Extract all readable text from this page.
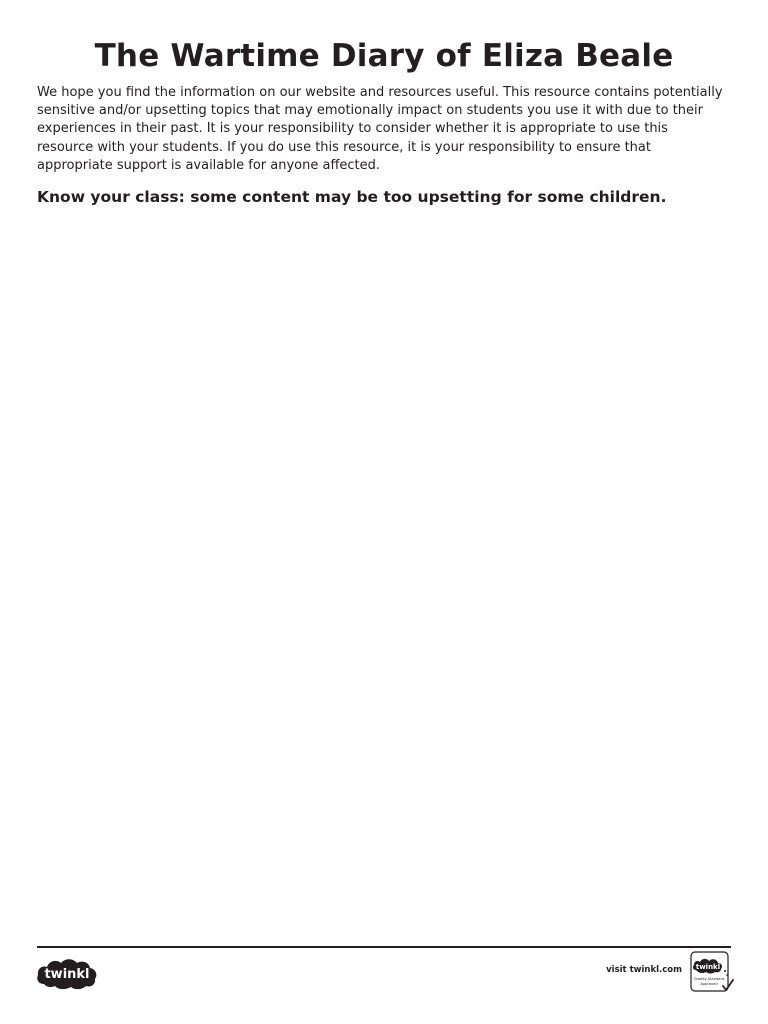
The Wartime Diary of Eliza Beale

We hope you find the information on our website and resources useful. This resource contains potentially sensitive and/or upsetting topics that may emotionally impact on students you use it with due to their experiences in their past. It is your responsibility to consider whether it is appropriate to use this resource with your students. If you do use this resource, it is your responsibility to ensure that appropriate support is available for anyone affected.

Know your class: some content may be too upsetting for some children.

twinkl	visit twinkl.com twinkl
Quality Standard
Approved
